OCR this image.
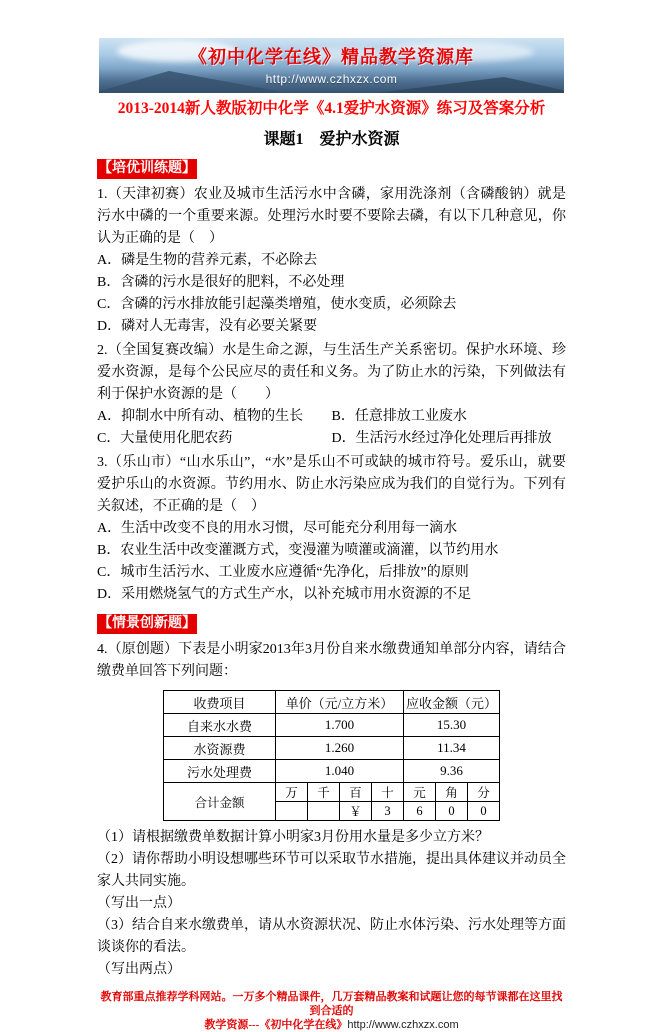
《初中化学在线》精品教学资源库
http://www.czhxzx.com
2013-2014新人教版初中化学《4.1爱护水资源》练习及答案分析
课题1　爱护水资源
【培优训练题】

1.（天津初赛）农业及城市生活污水中含磷，家用洗涤剂（含磷酸钠）就是污水中磷的一个重要来源。处理污水时要不要除去磷，有以下几种意见，你认为正确的是（　）

A．磷是生物的营养元素，不必除去

B．含磷的污水是很好的肥料，不必处理

C．含磷的污水排放能引起藻类增殖，使水变质，必须除去

D．磷对人无毒害，没有必要关紧要

2.（全国复赛改编）水是生命之源，与生活生产关系密切。保护水环境、珍爱水资源，是每个公民应尽的责任和义务。为了防止水的污染，下列做法有利于保护水资源的是（　　）

A．抑制水中所有动、植物的生长	B．任意排放工业废水
C．大量使用化肥农药	D．生活污水经过净化处理后再排放

3.（乐山市）“山水乐山”，“水”是乐山不可或缺的城市符号。爱乐山，就要爱护乐山的水资源。节约用水、防止水污染应成为我们的自觉行为。下列有关叙述，不正确的是（　）

A．生活中改变不良的用水习惯，尽可能充分利用每一滴水

B．农业生活中改变灌溉方式，变漫灌为喷灌或滴灌，以节约用水

C．城市生活污水、工业废水应遵循“先净化，后排放”的原则

D．采用燃烧氢气的方式生产水，以补充城市用水资源的不足

【情景创新题】

4.（原创题）下表是小明家2013年3月份自来水缴费通知单部分内容，请结合缴费单回答下列问题：

收费项目	单价（元/立方米）				应收金额（元）		
自来水水费	1.700				15.30		
水资源费	1.260				11.34		
污水处理费	1.040				9.36		
合计金额	万	千	百	十	元	角	分
			￥	3	6	0	0

（1）请根据缴费单数据计算小明家3月份用水量是多少立方米？

（2）请你帮助小明设想哪些环节可以采取节水措施，提出具体建议并动员全家人共同实施。

（写出一点）

（3）结合自来水缴费单，请从水资源状况、防止水体污染、污水处理等方面谈谈你的看法。

（写出两点）

教育部重点推荐学科网站。一万多个精品课件，几万套精品教案和试题让您的每节课都在这里找到合适的
教学资源---《初中化学在线》http://www.czhxzx.com
